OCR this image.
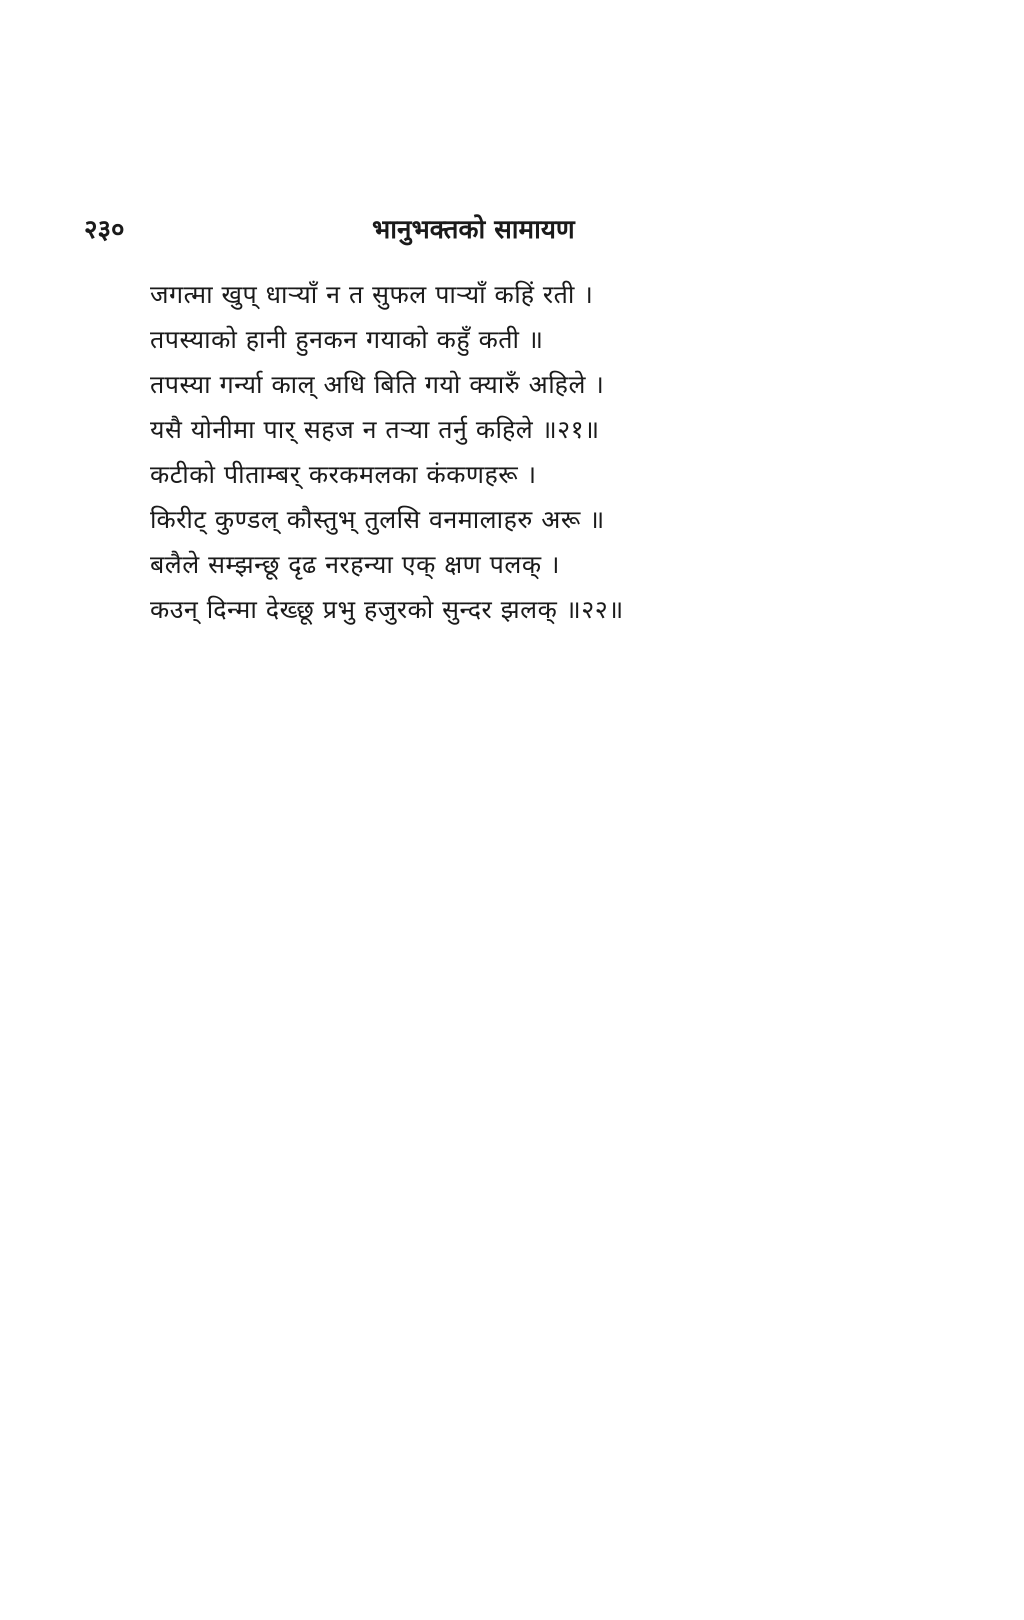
२३०	भानुभक्तको सामायण
जगत्मा खुप् धाऱ्याँ न त सुफल पाऱ्याँ कहिं रती ।
तपस्याको हानी हुनकन गयाको कहुँ कती ॥
तपस्या गर्न्या काल् अधि बिति गयो क्यारुँ अहिले ।
यसै योनीमा पार् सहज न तऱ्या तर्नु कहिले ॥२१॥
कटीको पीताम्बर् करकमलका कंकणहरू ।
किरीट् कुण्डल् कौस्तुभ् तुलसि वनमालाहरु अरू ॥
बलैले सम्झन्छू दृढ नरहन्या एक् क्षण पलक् ।
कउन् दिन्मा देख्छू प्रभु हजुरको सुन्दर झलक् ॥२२॥
